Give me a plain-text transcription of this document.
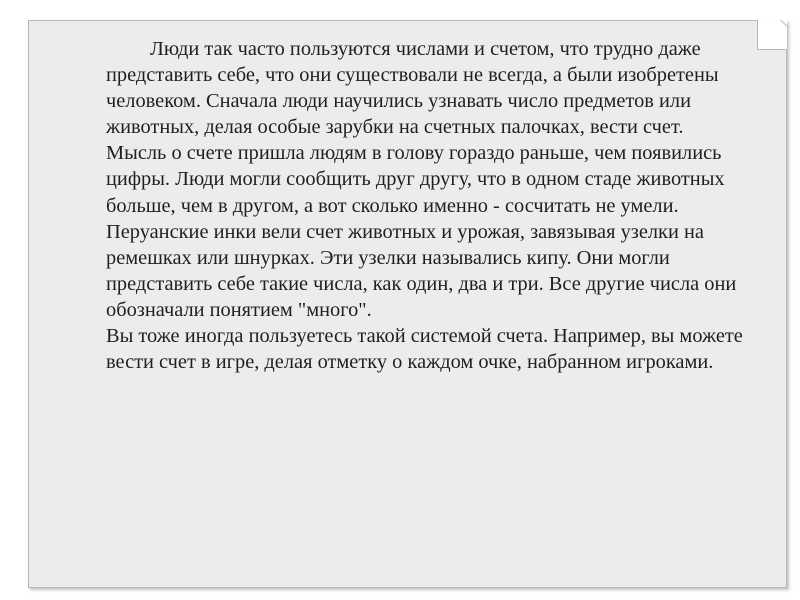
Люди так часто пользуются числами и счетом, что трудно даже представить себе, что они существовали не всегда, а были изобретены человеком. Сначала люди научились узнавать число предметов или животных, делая особые зарубки на счетных палочках, вести счет.
Мысль о счете пришла людям в голову гораздо раньше, чем появились цифры. Люди могли сообщить друг другу, что в одном стаде животных больше, чем в другом, а вот сколько именно - сосчитать не умели. Перуанские инки вели счет животных и урожая, завязывая узелки на ремешках или шнурках. Эти узелки назывались кипу. Они могли представить себе такие числа, как один, два и три. Все другие числа они обозначали понятием "много".
Вы тоже иногда пользуетесь такой системой счета. Например, вы можете вести счет в игре, делая отметку о каждом очке, набранном игроками.
